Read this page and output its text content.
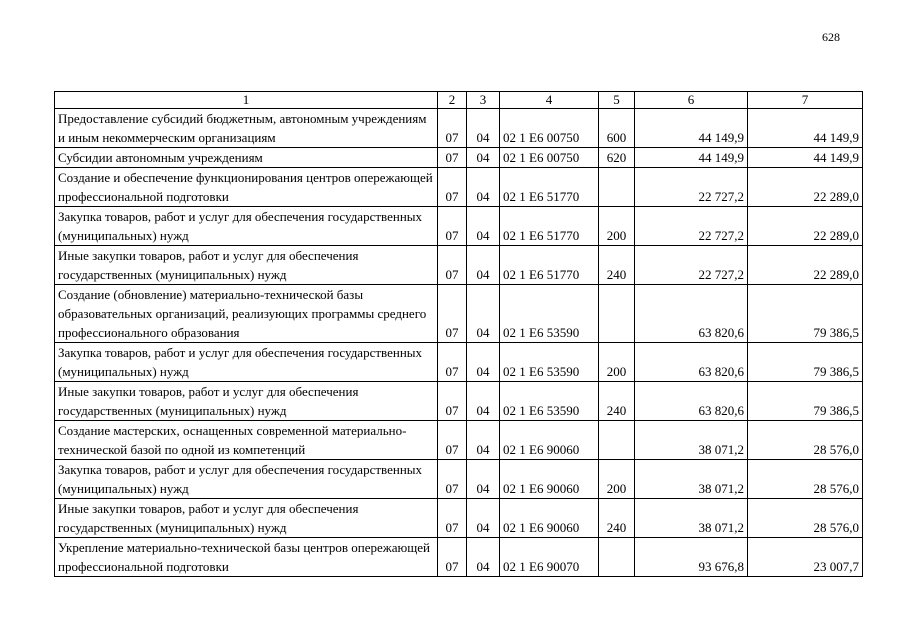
628
1	2	3	4	5	6	7
Предоставление субсидий бюджетным, автономным учреждениям и иным некоммерческим организациям	07	04	02 1 E6 00750	600	44 149,9	44 149,9
Субсидии автономным учреждениям	07	04	02 1 E6 00750	620	44 149,9	44 149,9
Создание и обеспечение функционирования центров опережающей профессиональной подготовки	07	04	02 1 E6 51770		22 727,2	22 289,0
Закупка товаров, работ и услуг для обеспечения государственных (муниципальных) нужд	07	04	02 1 E6 51770	200	22 727,2	22 289,0
Иные закупки товаров, работ и услуг для обеспечения государственных (муниципальных) нужд	07	04	02 1 E6 51770	240	22 727,2	22 289,0
Создание (обновление) материально-технической базы образовательных организаций, реализующих программы среднего профессионального образования	07	04	02 1 E6 53590		63 820,6	79 386,5
Закупка товаров, работ и услуг для обеспечения государственных (муниципальных) нужд	07	04	02 1 E6 53590	200	63 820,6	79 386,5
Иные закупки товаров, работ и услуг для обеспечения государственных (муниципальных) нужд	07	04	02 1 E6 53590	240	63 820,6	79 386,5
Создание мастерских, оснащенных современной материально-технической базой по одной из компетенций	07	04	02 1 E6 90060		38 071,2	28 576,0
Закупка товаров, работ и услуг для обеспечения государственных (муниципальных) нужд	07	04	02 1 E6 90060	200	38 071,2	28 576,0
Иные закупки товаров, работ и услуг для обеспечения государственных (муниципальных) нужд	07	04	02 1 E6 90060	240	38 071,2	28 576,0
Укрепление материально-технической базы центров опережающей профессиональной подготовки	07	04	02 1 E6 90070		93 676,8	23 007,7
